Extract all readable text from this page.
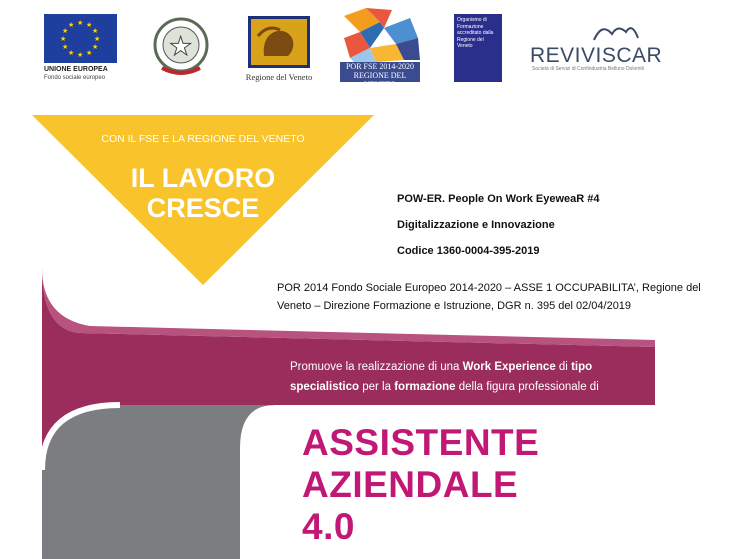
★ ★
★
★
★
★
★
★
★
★
★
★
UNIONE EUROPEA
Fondo sociale europeo
★
Regione del Veneto
POR FSE 2014-2020
REGIONE DEL VENETO
Organismo di Formazione accreditato dalla Regione del Veneto	REVIVISCAR
Società di Servizi di Confindustria Belluno Dolomiti
CON IL FSE E LA REGIONE DEL VENETO
IL LAVORO
CRESCE	POW-ER. People On Work EyeweaR #4
Digitalizzazione e Innovazione
Codice 1360-0004-395-2019
POR 2014 Fondo Sociale Europeo 2014-2020 – ASSE 1 OCCUPABILITA’, Regione del
Veneto – Direzione Formazione e Istruzione, DGR n. 395 del 02/04/2019
Promuove la realizzazione di una Work Experience di tipo specialistico per la formazione della figura professionale di
ASSISTENTE
AZIENDALE
4.0
